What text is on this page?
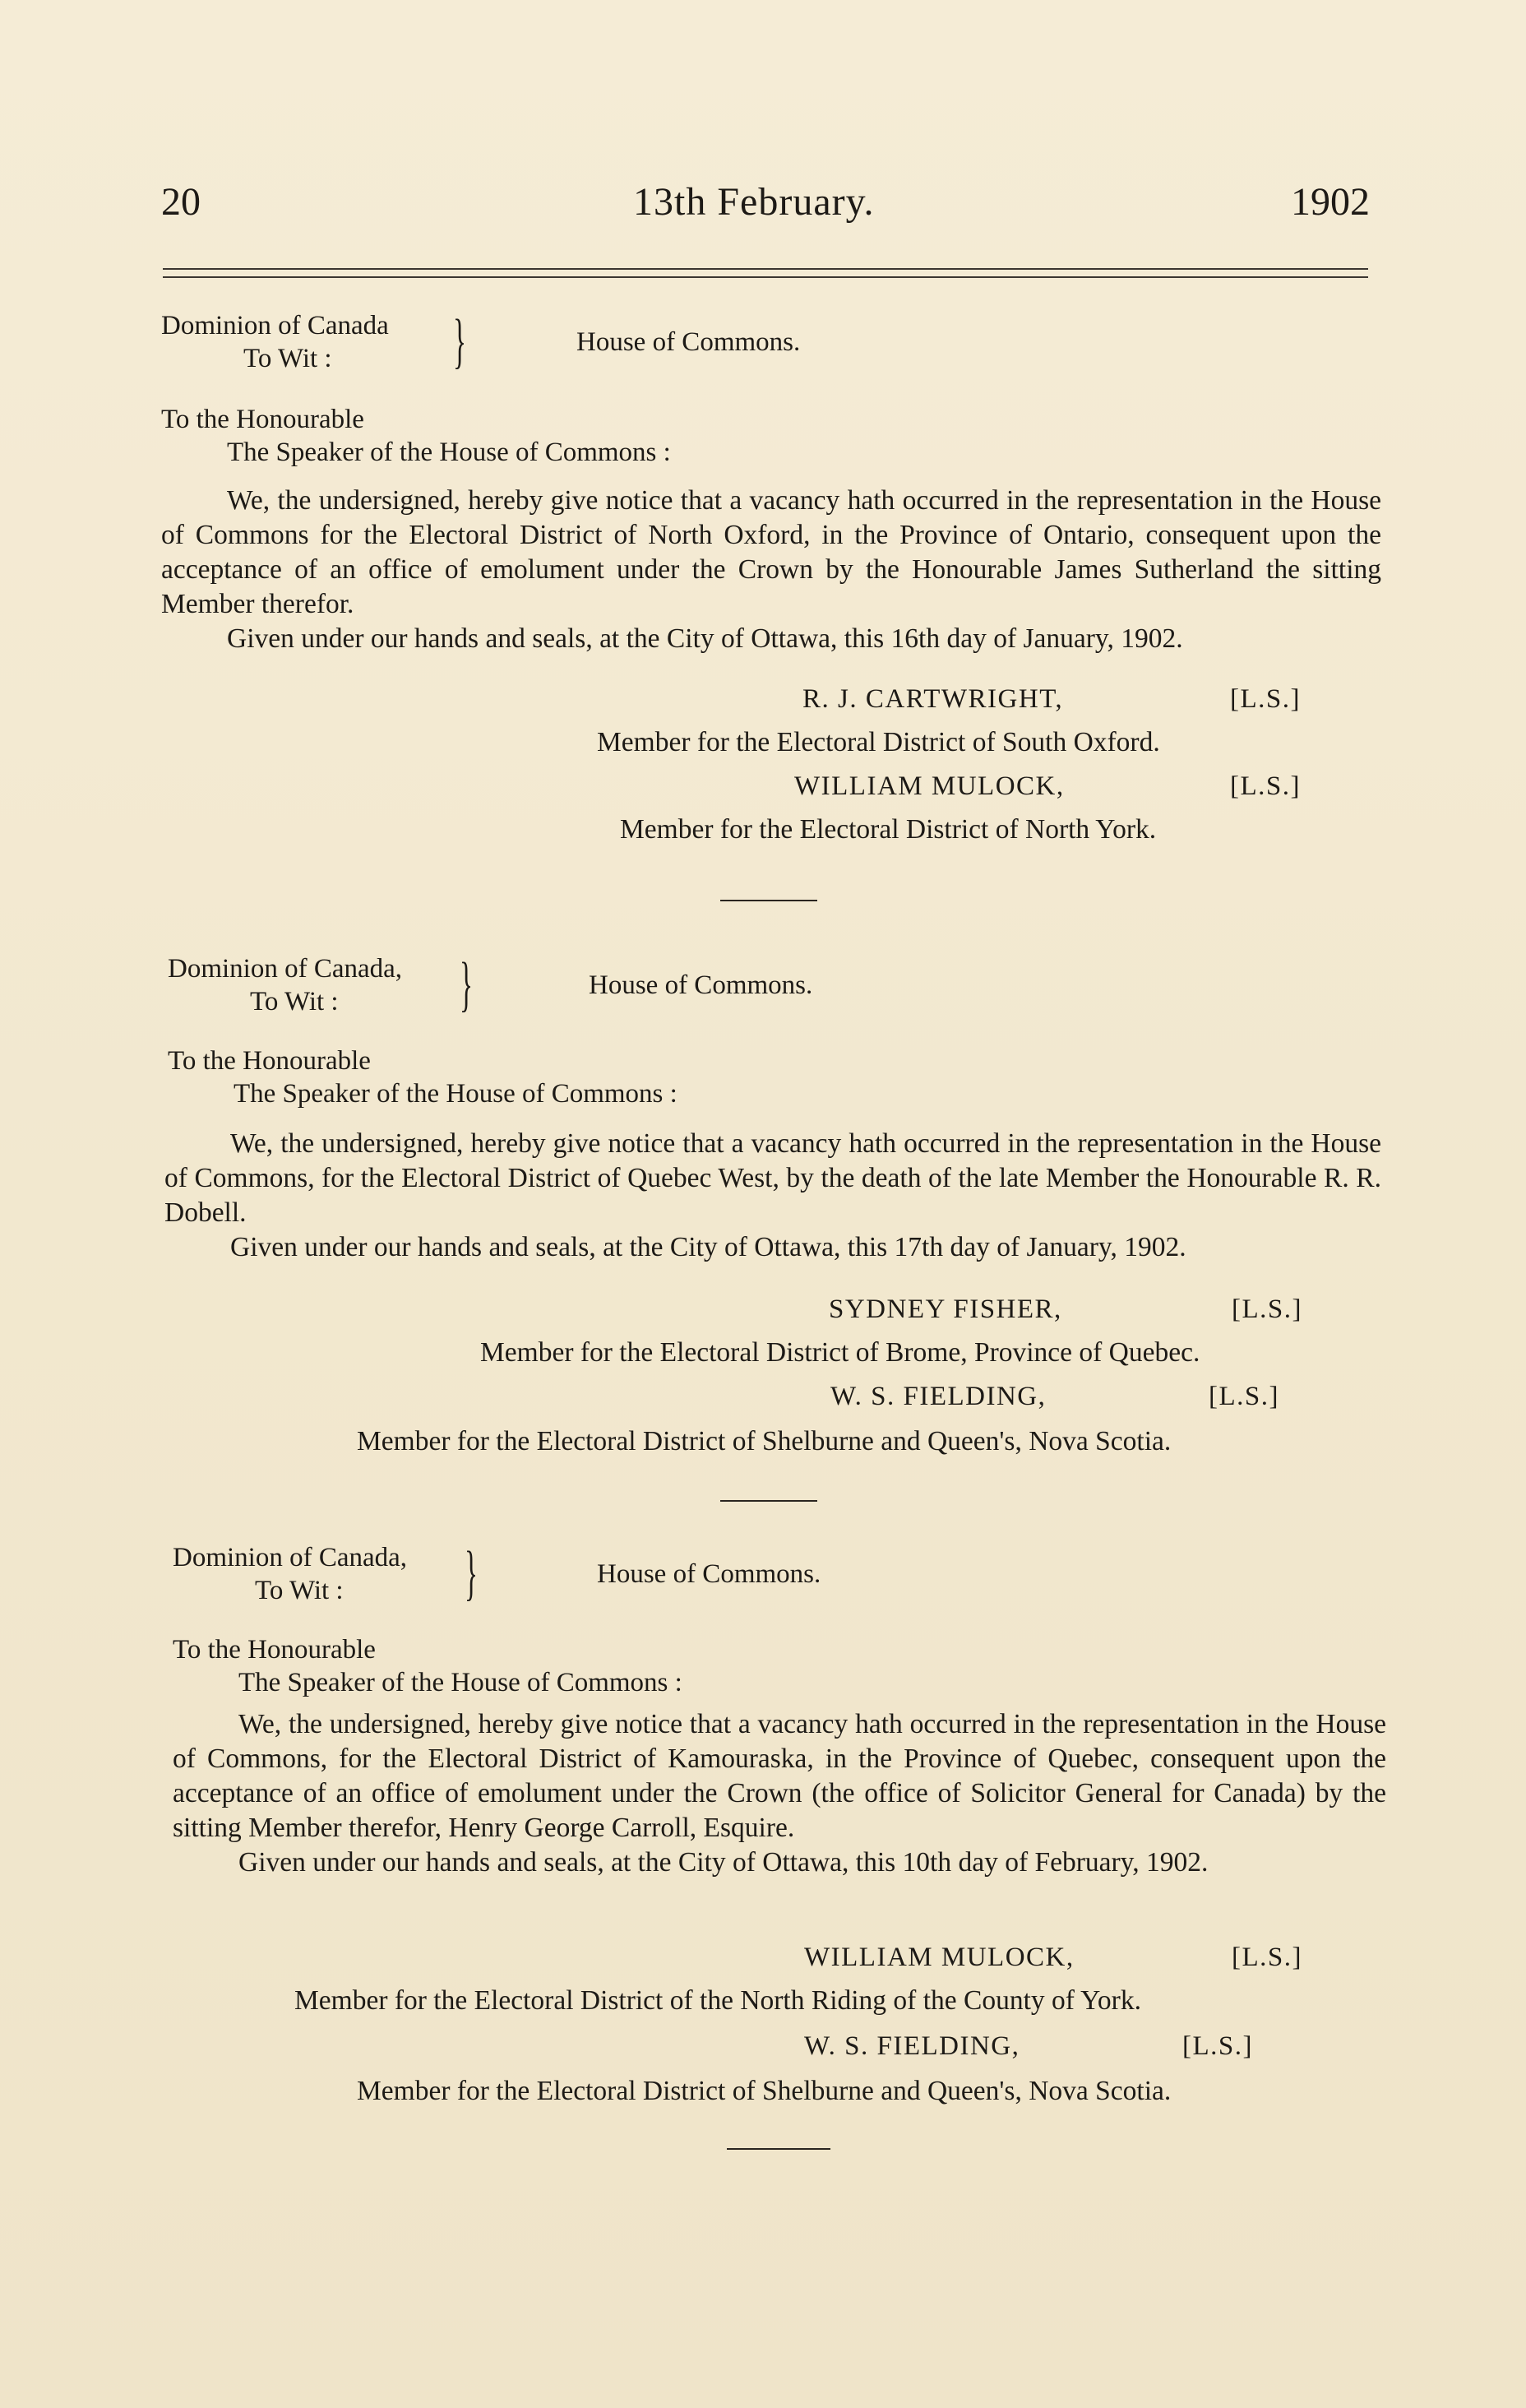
20	13th February.	1902
Dominion of Canada
To Wit : }	House of Commons.
To the Honourable
The Speaker of the House of Commons :

We, the undersigned, hereby give notice that a vacancy hath occurred in the representation in the House of Commons for the Electoral District of North Oxford, in the Province of Ontario, consequent upon the acceptance of an office of emolument under the Crown by the Honourable James Sutherland the sitting Member therefor.

Given under our hands and seals, at the City of Ottawa, this 16th day of January, 1902.

R. J. CARTWRIGHT,	[L.S.]
Member for the Electoral District of South Oxford.
WILLIAM MULOCK,	[L.S.]
Member for the Electoral District of North York.
Dominion of Canada,
To Wit : }	House of Commons.
To the Honourable
The Speaker of the House of Commons :

We, the undersigned, hereby give notice that a vacancy hath occurred in the representation in the House of Commons, for the Electoral District of Quebec West, by the death of the late Member the Honourable R. R. Dobell.

Given under our hands and seals, at the City of Ottawa, this 17th day of January, 1902.

SYDNEY FISHER,	[L.S.]
Member for the Electoral District of Brome, Province of Quebec.
W. S. FIELDING,	[L.S.]
Member for the Electoral District of Shelburne and Queen's, Nova Scotia.
Dominion of Canada,
To Wit : }	House of Commons.
To the Honourable
The Speaker of the House of Commons :

We, the undersigned, hereby give notice that a vacancy hath occurred in the representation in the House of Commons, for the Electoral District of Kamouraska, in the Province of Quebec, consequent upon the acceptance of an office of emolument under the Crown (the office of Solicitor General for Canada) by the sitting Member therefor, Henry George Carroll, Esquire.

Given under our hands and seals, at the City of Ottawa, this 10th day of February, 1902.

WILLIAM MULOCK,	[L.S.]
Member for the Electoral District of the North Riding of the County of York.
W. S. FIELDING,	[L.S.]
Member for the Electoral District of Shelburne and Queen's, Nova Scotia.
